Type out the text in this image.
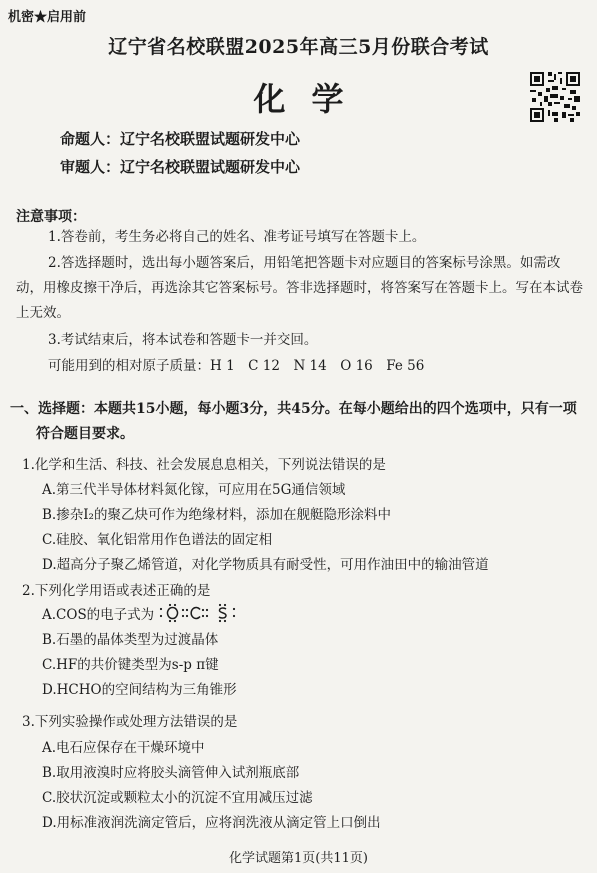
机密★启用前
辽宁省名校联盟2025年高三5月份联合考试
化学
命题人：辽宁名校联盟试题研发中心
审题人：辽宁名校联盟试题研发中心
注意事项：
1.答卷前，考生务必将自己的姓名、准考证号填写在答题卡上。
2.答选择题时，选出每小题答案后，用铅笔把答题卡对应题目的答案标号涂黑。如需改动，用橡皮擦干净后，再选涂其它答案标号。答非选择题时，将答案写在答题卡上。写在本试卷上无效。
3.考试结束后，将本试卷和答题卡一并交回。
可能用到的相对原子质量：H 1　C 12　N 14　O 16　Fe 56
一、选择题：本题共15小题，每小题3分，共45分。在每小题给出的四个选项中，只有一项
符合题目要求。
1.化学和生活、科技、社会发展息息相关，下列说法错误的是
A.第三代半导体材料氮化镓，可应用在5G通信领域
B.掺杂I₂的聚乙炔可作为绝缘材料，添加在舰艇隐形涂料中
C.硅胶、氧化铝常用作色谱法的固定相
D.超高分子聚乙烯管道，对化学物质具有耐受性，可用作油田中的输油管道
2.下列化学用语或表述正确的是
A.COS的电子式为
B.石墨的晶体类型为过渡晶体
C.HF的共价键类型为s-p π键
D.HCHO的空间结构为三角锥形
3.下列实验操作或处理方法错误的是
A.电石应保存在干燥环境中
B.取用液溴时应将胶头滴管伸入试剂瓶底部
C.胶状沉淀或颗粒太小的沉淀不宜用减压过滤
D.用标准液润洗滴定管后，应将润洗液从滴定管上口倒出
化学试题第1页(共11页)
